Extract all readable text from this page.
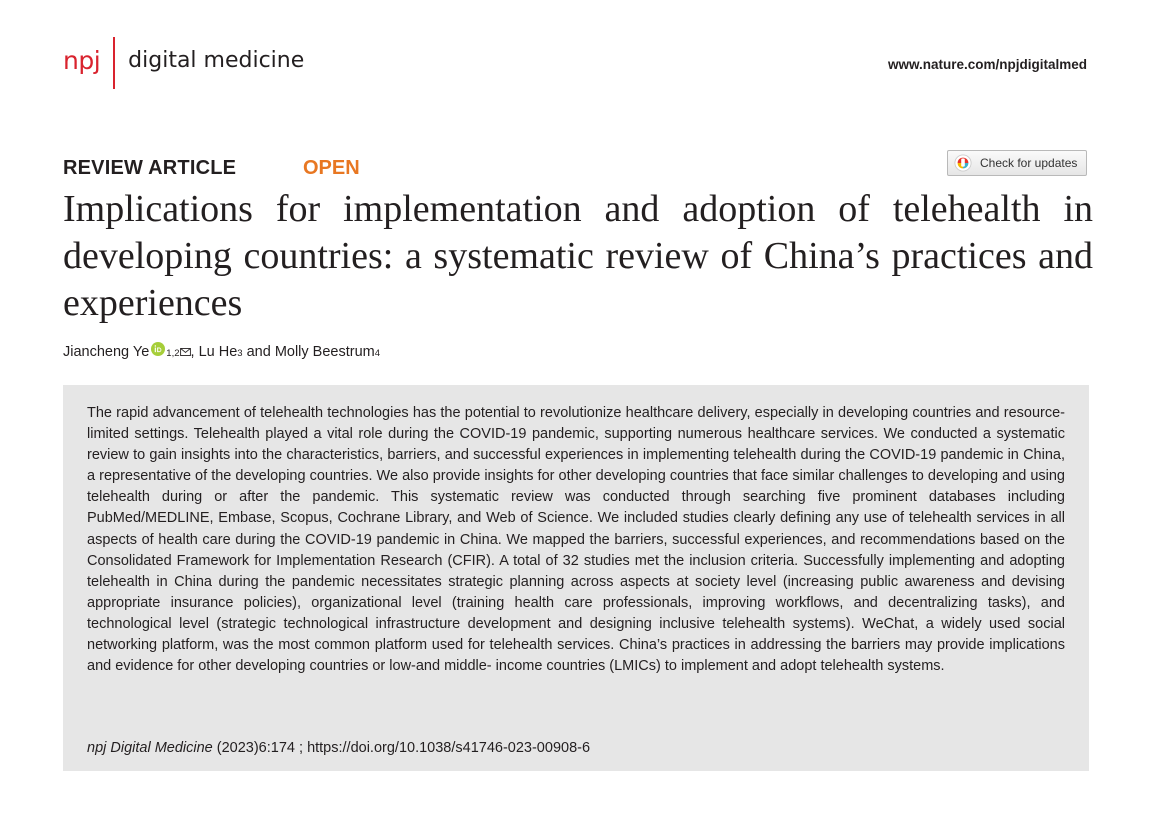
npj digital medicine	www.nature.com/npjdigitalmed
REVIEW ARTICLE	OPEN	Check for updates
Implications for implementation and adoption of telehealth in developing countries: a systematic review of China’s practices and experiences
Jiancheng Ye $_{1,2}$ , Lu He 3 and Molly Beestrum 4

The rapid advancement of telehealth technologies has the potential to revolutionize healthcare delivery, especially in developing countries and resource-limited settings. Telehealth played a vital role during the COVID-19 pandemic, supporting numerous healthcare services. We conducted a systematic review to gain insights into the characteristics, barriers, and successful experiences in implementing telehealth during the COVID-19 pandemic in China, a representative of the developing countries. We also provide insights for other developing countries that face similar challenges to developing and using telehealth during or after the pandemic. This systematic review was conducted through searching five prominent databases including PubMed/MEDLINE, Embase, Scopus, Cochrane Library, and Web of Science. We included studies clearly defining any use of telehealth services in all aspects of health care during the COVID-19 pandemic in China. We mapped the barriers, successful experiences, and recommendations based on the Consolidated Framework for Implementation Research (CFIR). A total of 32 studies met the inclusion criteria. Successfully implementing and adopting telehealth in China during the pandemic necessitates strategic planning across aspects at society level (increasing public awareness and devising appropriate insurance policies), organizational level (training health care professionals, improving workflows, and decentralizing tasks), and technological level (strategic technological infrastructure development and designing inclusive telehealth systems). WeChat, a widely used social networking platform, was the most common platform used for telehealth services. China’s practices in addressing the barriers may provide implications and evidence for other developing countries or low-and middle- income countries (LMICs) to implement and adopt telehealth systems.

npj Digital Medicine (2023)6:174 ; https://doi.org/10.1038/s41746-023-00908-6
